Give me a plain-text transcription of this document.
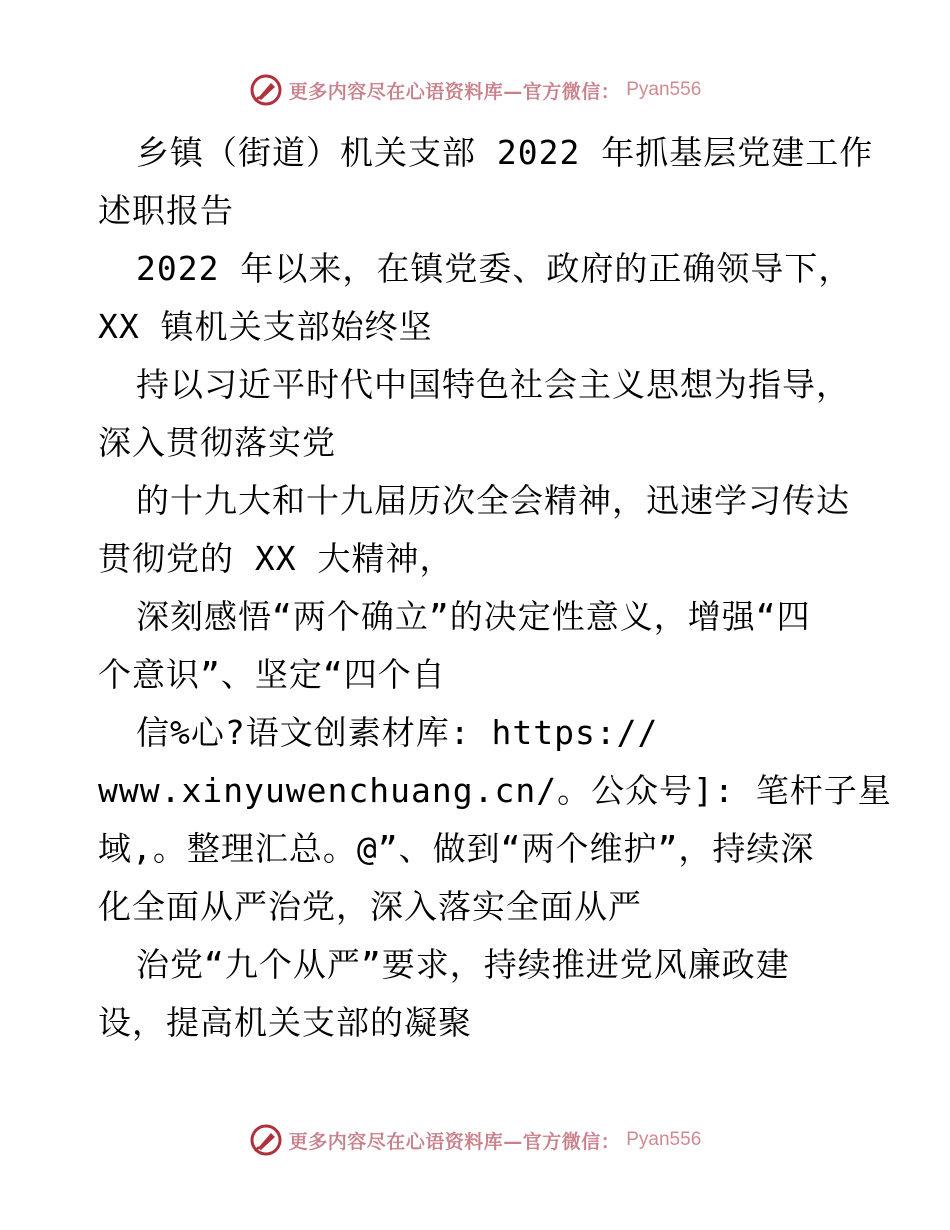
更多内容尽在心语资料库—官方微信： Pyan556
乡镇（街道）机关支部 2022 年抓基层党建工作
述职报告
2022 年以来，在镇党委、政府的正确领导下，
XX 镇机关支部始终坚
持以习近平时代中国特色社会主义思想为指导，
深入贯彻落实党
的十九大和十九届历次全会精神，迅速学习传达
贯彻党的 XX 大精神，
深刻感悟“两个确立”的决定性意义，增强“四
个意识”、坚定“四个自
信%心?语文创素材库: https://
www.xinyuwenchuang.cn/。公众号]: 笔杆子星
域,。整理汇总。@”、做到“两个维护”，持续深
化全面从严治党，深入落实全面从严
治党“九个从严”要求，持续推进党风廉政建
设，提高机关支部的凝聚
更多内容尽在心语资料库—官方微信： Pyan556
